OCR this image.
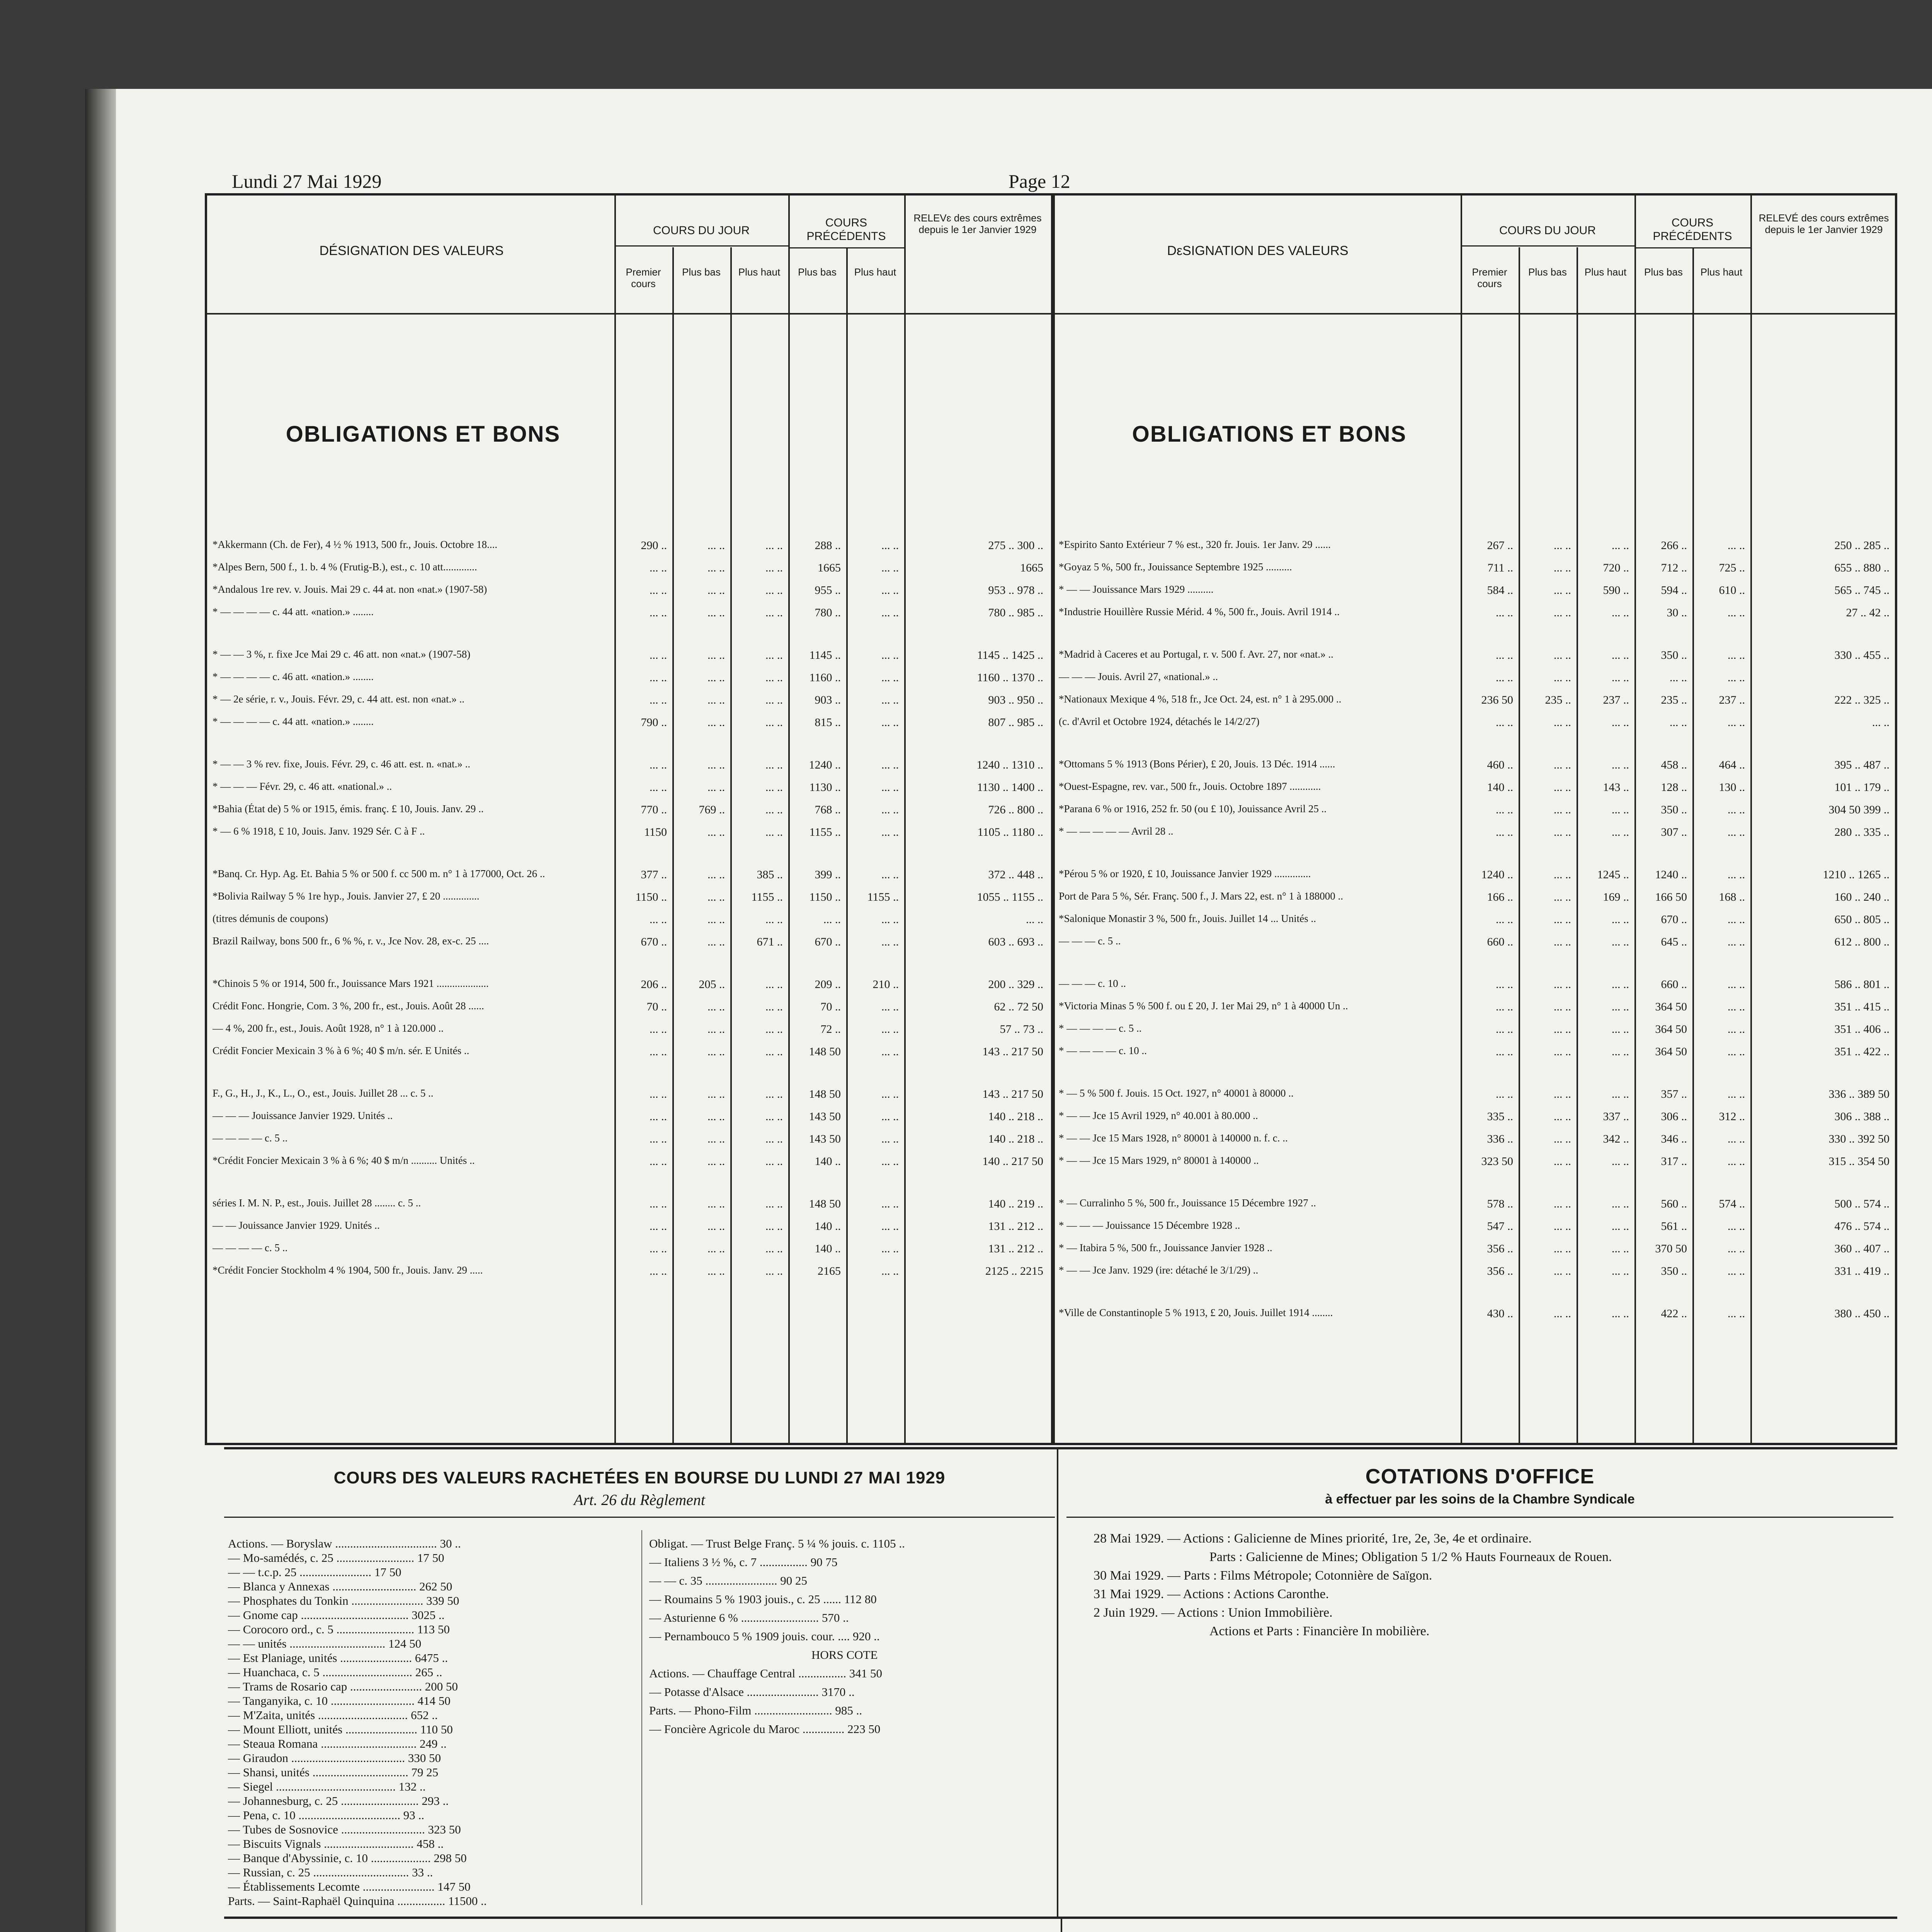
Lundi 27 Mai 1929	Page 12
DÉSIGNATION DES VALEURS
COURS DU JOUR
COURS PRÉCÉDENTS
RELEVɛ des cours extrêmes depuis le 1er Janvier 1929
Premier cours
Plus bas	Plus haut	Plus bas	Plus haut
OBLIGATIONS ET BONS
*Akkermann (Ch. de Fer), 4 ½ % 1913, 500 fr., Jouis. Octobre 18....	290 ..	... ..	... ..	288 ..	... ..	275 .. 300 ..
*Alpes Bern, 500 f., 1. b. 4 % (Frutig-B.), est., c. 10 att.............	... ..	... ..	... ..	1665	... ..	1665
*Andalous 1re rev. v. Jouis. Mai 29 c. 44 at. non «nat.» (1907-58)	... ..	... ..	... ..	955 ..	... ..	953 .. 978 ..
* — — — — c. 44 att. «nation.» ........	... ..	... ..	... ..	780 ..	... ..	780 .. 985 ..
* — — 3 %, r. fixe Jce Mai 29 c. 46 att. non «nat.» (1907-58)	... ..	... ..	... ..	1145 ..	... ..	1145 .. 1425 ..
* — — — — c. 46 att. «nation.» ........	... ..	... ..	... ..	1160 ..	... ..	1160 .. 1370 ..
* — 2e série, r. v., Jouis. Févr. 29, c. 44 att. est. non «nat.» ..	... ..	... ..	... ..	903 ..	... ..	903 .. 950 ..
* — — — — c. 44 att. «nation.» ........	790 ..	... ..	... ..	815 ..	... ..	807 .. 985 ..
* — — 3 % rev. fixe, Jouis. Févr. 29, c. 46 att. est. n. «nat.» ..	... ..	... ..	... ..	1240 ..	... ..	1240 .. 1310 ..
* — — — Févr. 29, c. 46 att. «national.» ..	... ..	... ..	... ..	1130 ..	... ..	1130 .. 1400 ..
*Bahia (État de) 5 % or 1915, émis. franç. £ 10, Jouis. Janv. 29 ..	770 ..	769 ..	... ..	768 ..	... ..	726 .. 800 ..
* — 6 % 1918, £ 10, Jouis. Janv. 1929 Sér. C à F ..	1150	... ..	... ..	1155 ..	... ..	1105 .. 1180 ..
*Banq. Cr. Hyp. Ag. Et. Bahia 5 % or 500 f. cc 500 m. n° 1 à 177000, Oct. 26 ..	377 ..	... ..	385 ..	399 ..	... ..	372 .. 448 ..
*Bolivia Railway 5 % 1re hyp., Jouis. Janvier 27, £ 20 ..............	1150 ..	... ..	1155 ..	1150 ..	1155 ..	1055 .. 1155 ..
(titres démunis de coupons)	... ..	... ..	... ..	... ..	... ..	... ..
Brazil Railway, bons 500 fr., 6 % %, r. v., Jce Nov. 28, ex-c. 25 ....	670 ..	... ..	671 ..	670 ..	... ..	603 .. 693 ..
*Chinois 5 % or 1914, 500 fr., Jouissance Mars 1921 ....................	206 ..	205 ..	... ..	209 ..	210 ..	200 .. 329 ..
Crédit Fonc. Hongrie, Com. 3 %, 200 fr., est., Jouis. Août 28 ......	70 ..	... ..	... ..	70 ..	... ..	62 .. 72 50
— 4 %, 200 fr., est., Jouis. Août 1928, n° 1 à 120.000 ..	... ..	... ..	... ..	72 ..	... ..	57 .. 73 ..
Crédit Foncier Mexicain 3 % à 6 %; 40 $ m/n. sér. E Unités ..	... ..	... ..	... ..	148 50	... ..	143 .. 217 50
F., G., H., J., K., L., O., est., Jouis. Juillet 28 ... c. 5 ..	... ..	... ..	... ..	148 50	... ..	143 .. 217 50
— — — Jouissance Janvier 1929. Unités ..	... ..	... ..	... ..	143 50	... ..	140 .. 218 ..
— — — — c. 5 ..	... ..	... ..	... ..	143 50	... ..	140 .. 218 ..
*Crédit Foncier Mexicain 3 % à 6 %; 40 $ m/n .......... Unités ..	... ..	... ..	... ..	140 ..	... ..	140 .. 217 50
séries I. M. N. P., est., Jouis. Juillet 28 ........ c. 5 ..	... ..	... ..	... ..	148 50	... ..	140 .. 219 ..
— — Jouissance Janvier 1929. Unités ..	... ..	... ..	... ..	140 ..	... ..	131 .. 212 ..
— — — — c. 5 ..	... ..	... ..	... ..	140 ..	... ..	131 .. 212 ..
*Crédit Foncier Stockholm 4 % 1904, 500 fr., Jouis. Janv. 29 .....	... ..	... ..	... ..	2165	... ..	2125 .. 2215
DεSIGNATION DES VALEURS
COURS DU JOUR
COURS PRÉCÉDENTS
RELEVÉ des cours extrêmes depuis le 1er Janvier 1929
Premier cours
Plus bas	Plus haut	Plus bas	Plus haut
OBLIGATIONS ET BONS
*Espirito Santo Extérieur 7 % est., 320 fr. Jouis. 1er Janv. 29 ......	267 ..	... ..	... ..	266 ..	... ..	250 .. 285 ..
*Goyaz 5 %, 500 fr., Jouissance Septembre 1925 ..........	711 ..	... ..	720 ..	712 ..	725 ..	655 .. 880 ..
* — — Jouissance Mars 1929 ..........	584 ..	... ..	590 ..	594 ..	610 ..	565 .. 745 ..
*Industrie Houillère Russie Mérid. 4 %, 500 fr., Jouis. Avril 1914 ..	... ..	... ..	... ..	30 ..	... ..	27 .. 42 ..
*Madrid à Caceres et au Portugal, r. v. 500 f. Avr. 27, nor «nat.» ..	... ..	... ..	... ..	350 ..	... ..	330 .. 455 ..
— — — Jouis. Avril 27, «national.» ..	... ..	... ..	... ..	... ..	... ..
*Nationaux Mexique 4 %, 518 fr., Jce Oct. 24, est. n° 1 à 295.000 ..	236 50	235 ..	237 ..	235 ..	237 ..	222 .. 325 ..
(c. d'Avril et Octobre 1924, détachés le 14/2/27)	... ..	... ..	... ..	... ..	... ..	... ..
*Ottomans 5 % 1913 (Bons Périer), £ 20, Jouis. 13 Déc. 1914 ......	460 ..	... ..	... ..	458 ..	464 ..	395 .. 487 ..
*Ouest-Espagne, rev. var., 500 fr., Jouis. Octobre 1897 ............	140 ..	... ..	143 ..	128 ..	130 ..	101 .. 179 ..
*Parana 6 % or 1916, 252 fr. 50 (ou £ 10), Jouissance Avril 25 ..	... ..	... ..	... ..	350 ..	... ..	304 50 399 ..
* — — — — — Avril 28 ..	... ..	... ..	... ..	307 ..	... ..	280 .. 335 ..
*Pérou 5 % or 1920, £ 10, Jouissance Janvier 1929 ..............	1240 ..	... ..	1245 ..	1240 ..	... ..	1210 .. 1265 ..
Port de Para 5 %, Sér. Franç. 500 f., J. Mars 22, est. n° 1 à 188000 ..	166 ..	... ..	169 ..	166 50	168 ..	160 .. 240 ..
*Salonique Monastir 3 %, 500 fr., Jouis. Juillet 14 ... Unités ..	... ..	... ..	... ..	670 ..	... ..	650 .. 805 ..
— — — c. 5 ..	660 ..	... ..	... ..	645 ..	... ..	612 .. 800 ..
— — — c. 10 ..	... ..	... ..	... ..	660 ..	... ..	586 .. 801 ..
*Victoria Minas 5 % 500 f. ou £ 20, J. 1er Mai 29, n° 1 à 40000 Un ..	... ..	... ..	... ..	364 50	... ..	351 .. 415 ..
* — — — — c. 5 ..	... ..	... ..	... ..	364 50	... ..	351 .. 406 ..
* — — — — c. 10 ..	... ..	... ..	... ..	364 50	... ..	351 .. 422 ..
* — 5 % 500 f. Jouis. 15 Oct. 1927, n° 40001 à 80000 ..	... ..	... ..	... ..	357 ..	... ..	336 .. 389 50
* — — Jce 15 Avril 1929, n° 40.001 à 80.000 ..	335 ..	... ..	337 ..	306 ..	312 ..	306 .. 388 ..
* — — Jce 15 Mars 1928, n° 80001 à 140000 n. f. c. ..	336 ..	... ..	342 ..	346 ..	... ..	330 .. 392 50
* — — Jce 15 Mars 1929, n° 80001 à 140000 ..	323 50	... ..	... ..	317 ..	... ..	315 .. 354 50
* — Curralinho 5 %, 500 fr., Jouissance 15 Décembre 1927 ..	578 ..	... ..	... ..	560 ..	574 ..	500 .. 574 ..
* — — — Jouissance 15 Décembre 1928 ..	547 ..	... ..	... ..	561 ..	... ..	476 .. 574 ..
* — Itabira 5 %, 500 fr., Jouissance Janvier 1928 ..	356 ..	... ..	... ..	370 50	... ..	360 .. 407 ..
* — — Jce Janv. 1929 (ire: détaché le 3/1/29) ..	356 ..	... ..	... ..	350 ..	... ..	331 .. 419 ..
*Ville de Constantinople 5 % 1913, £ 20, Jouis. Juillet 1914 ........	430 ..	... ..	... ..	422 ..	... ..	380 .. 450 ..
COURS DES VALEURS RACHETÉES EN BOURSE DU LUNDI 27 MAI 1929
Art. 26 du Règlement
Actions. — Boryslaw .................................. 30 ..
— Mo-samédés, c. 25 .......................... 17 50
— — t.c.p. 25 ........................ 17 50
— Blanca y Annexas ............................ 262 50
— Phosphates du Tonkin ........................ 339 50
— Gnome cap .................................... 3025 ..
— Corocoro ord., c. 5 .......................... 113 50
— — unités ................................ 124 50
— Est Planiage, unités ........................ 6475 ..
— Huanchaca, c. 5 .............................. 265 ..
— Trams de Rosario cap ........................ 200 50
— Tanganyika, c. 10 ............................ 414 50
— M'Zaita, unités .............................. 652 ..
— Mount Elliott, unités ........................ 110 50
— Steaua Romana ................................ 249 ..
— Giraudon ...................................... 330 50
— Shansi, unités ................................ 79 25
— Siegel ........................................ 132 ..
— Johannesburg, c. 25 .......................... 293 ..
— Pena, c. 10 .................................. 93 ..
— Tubes de Sosnovice ............................ 323 50
— Biscuits Vignals .............................. 458 ..
— Banque d'Abyssinie, c. 10 .................... 298 50
— Russian, c. 25 ................................ 33 ..
— Établissements Lecomte ........................ 147 50
Parts. — Saint-Raphaël Quinquina ................ 11500 ..
Obligat. — Trust Belge Franç. 5 ¼ % jouis. c. 1105 ..
— Italiens 3 ½ %, c. 7 ................ 90 75
— — c. 35 ........................ 90 25
— Roumains 5 % 1903 jouis., c. 25 ...... 112 80
— Asturienne 6 % .......................... 570 ..
— Pernambouco 5 % 1909 jouis. cour. .... 920 ..
HORS COTE
Actions. — Chauffage Central ................ 341 50
— Potasse d'Alsace ........................ 3170 ..
Parts. — Phono-Film .......................... 985 ..
— Foncière Agricole du Maroc .............. 223 50
COTATIONS D'OFFICE
à effectuer par les soins de la Chambre Syndicale
28 Mai 1929. — Actions : Galicienne de Mines priorité, 1re, 2e, 3e, 4e et ordinaire.
Parts : Galicienne de Mines; Obligation 5 1/2 % Hauts Fourneaux de Rouen.
30 Mai 1929. — Parts : Films Métropole; Cotonnière de Saïgon.
31 Mai 1929. — Actions : Actions Caronthe.
2 Juin 1929. — Actions : Union Immobilière.
Actions et Parts : Financière In mobilière.
